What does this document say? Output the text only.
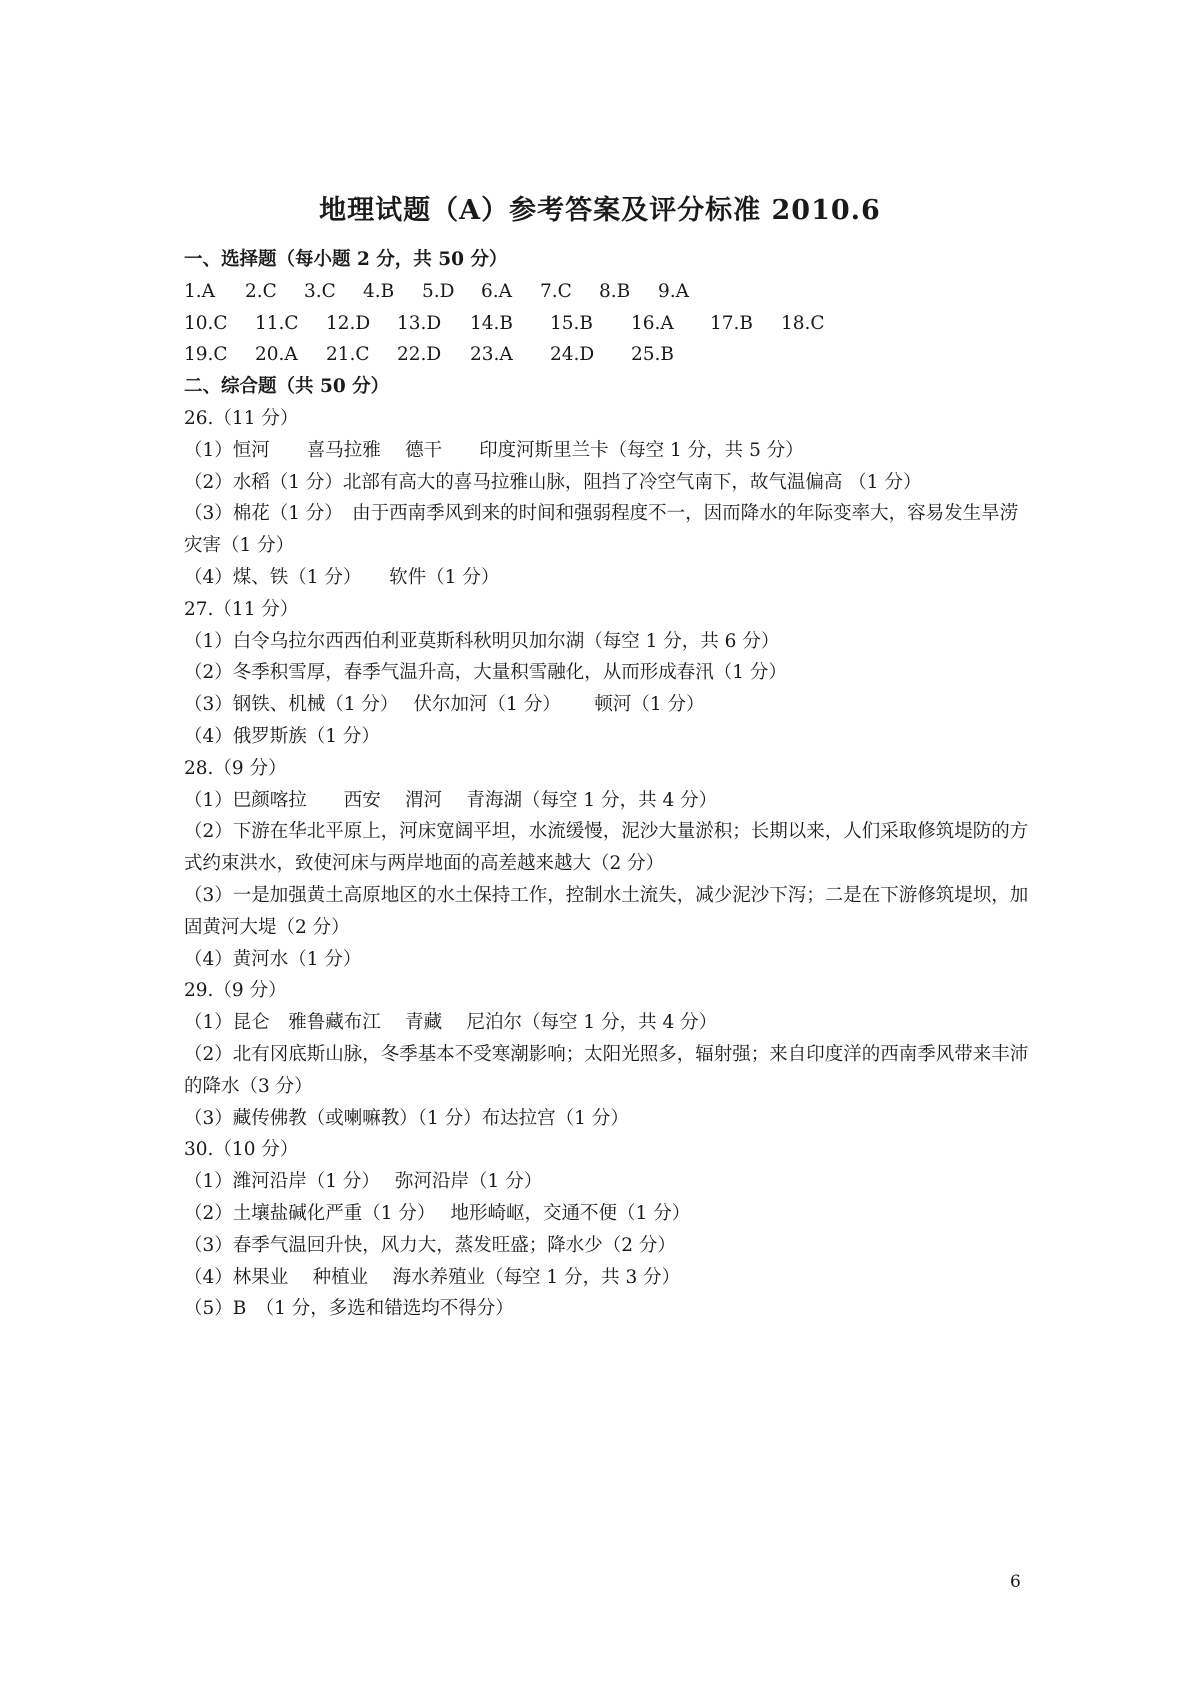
地理试题（A）参考答案及评分标准 2010.6
一、选择题（每小题 2 分，共 50 分）
1.A	2.C	3.C	4.B	5.D	6.A	7.C	8.B	9.A
10.C	11.C	12.D	13.D	14.B	15.B	16.A	17.B	18.C
19.C	20.A	21.C	22.D	23.A	24.D	25.B
二、综合题（共 50 分）
26.（11 分）
（1）恒河　　喜马拉雅　 德干　　印度河斯里兰卡（每空 1 分，共 5 分）
（2）水稻（1 分）北部有高大的喜马拉雅山脉，阻挡了冷空气南下，故气温偏高 （1 分）
（3）棉花（1 分）　由于西南季风到来的时间和强弱程度不一，因而降水的年际变率大，容易发生旱涝灾害（1 分）
（4）煤、铁（1 分）　　软件（1 分）
27.（11 分）
（1）白令乌拉尔西西伯利亚莫斯科秋明贝加尔湖（每空 1 分，共 6 分）
（2）冬季积雪厚，春季气温升高，大量积雪融化，从而形成春汛（1 分）
（3）钢铁、机械（1 分）　 伏尔加河（1 分）　　 顿河（1 分）
（4）俄罗斯族（1 分）
28.（9 分）
（1）巴颜喀拉　　西安　 渭河　 青海湖（每空 1 分，共 4 分）
（2）下游在华北平原上，河床宽阔平坦，水流缓慢，泥沙大量淤积；长期以来，人们采取修筑堤防的方式约束洪水，致使河床与两岸地面的高差越来越大（2 分）
（3）一是加强黄土高原地区的水土保持工作，控制水土流失，减少泥沙下泻；二是在下游修筑堤坝，加固黄河大堤（2 分）
（4）黄河水（1 分）
29.（9 分）
（1）昆仑　雅鲁藏布江　 青藏　 尼泊尔（每空 1 分，共 4 分）
（2）北有冈底斯山脉，冬季基本不受寒潮影响；太阳光照多，辐射强；来自印度洋的西南季风带来丰沛的降水（3 分）
（3）藏传佛教（或喇嘛教）（1 分）布达拉宫（1 分）
30.（10 分）
（1）潍河沿岸（1 分）　 弥河沿岸（1 分）
（2）土壤盐碱化严重（1 分）　 地形崎岖，交通不便（1 分）
（3）春季气温回升快，风力大，蒸发旺盛；降水少（2 分）
（4）林果业　 种植业　 海水养殖业（每空 1 分，共 3 分）
（5）B　（1 分，多选和错选均不得分）
6
